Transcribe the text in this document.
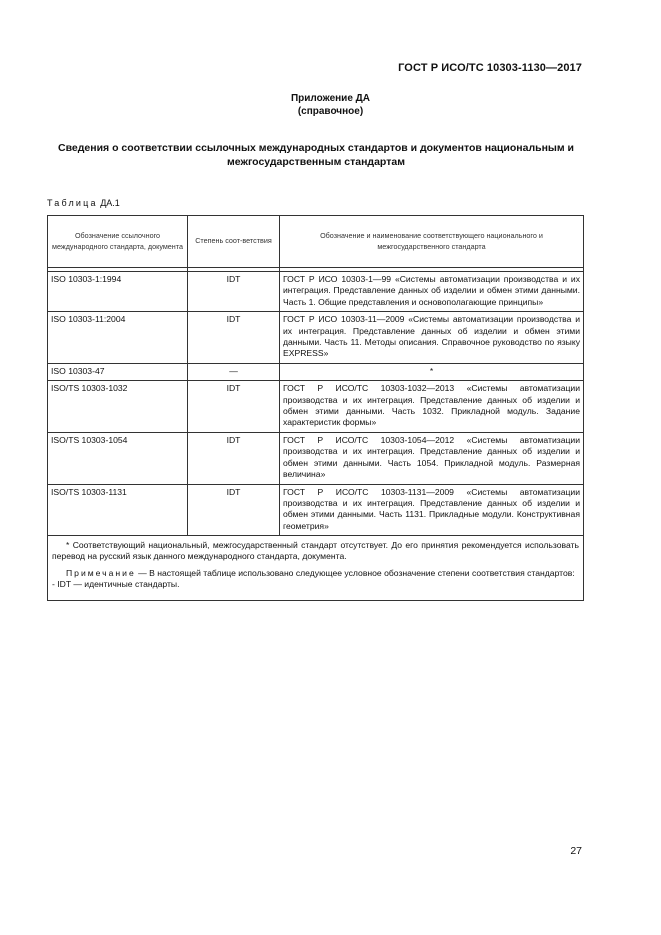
ГОСТ Р ИСО/ТС 10303-1130—2017
Приложение ДА
(справочное)
Сведения о соответствии ссылочных международных стандартов и документов национальным и межгосударственным стандартам
Таблица ДА.1
Обозначение ссылочного международного стандарта, документа	Степень соот-ветствия	Обозначение и наименование соответствующего национального и межгосударственного стандарта

ISO 10303-1:1994	IDT	ГОСТ Р ИСО 10303-1—99 «Системы автоматизации производства и их интеграция. Представление данных об изделии и обмен этими данными. Часть 1. Общие представления и основополагающие принципы»
ISO 10303-11:2004	IDT	ГОСТ Р ИСО 10303-11—2009 «Системы автоматизации производства и их интеграция. Представление данных об изделии и обмен этими данными. Часть 11. Методы описания. Справочное руководство по языку EXPRESS»
ISO 10303-47	—	*
ISO/TS 10303-1032	IDT	ГОСТ Р ИСО/ТС 10303-1032—2013 «Системы автоматизации производства и их интеграция. Представление данных об изделии и обмен этими данными. Часть 1032. Прикладной модуль. Задание характеристик формы»
ISO/TS 10303-1054	IDT	ГОСТ Р ИСО/ТС 10303-1054—2012 «Системы автоматизации производства и их интеграция. Представление данных об изделии и обмен этими данными. Часть 1054. Прикладной модуль. Размерная величина»
ISO/TS 10303-1131	IDT	ГОСТ Р ИСО/ТС 10303-1131—2009 «Системы автоматизации производства и их интеграция. Представление данных об изделии и обмен этими данными. Часть 1131. Прикладные модули. Конструктивная геометрия»

* Соответствующий национальный, межгосударственный стандарт отсутствует. До его принятия рекомендуется использовать перевод на русский язык данного международного стандарта, документа.

Примечание — В настоящей таблице использовано следующее условное обозначение степени соответствия стандартов:

- IDT — идентичные стандарты.		

27
